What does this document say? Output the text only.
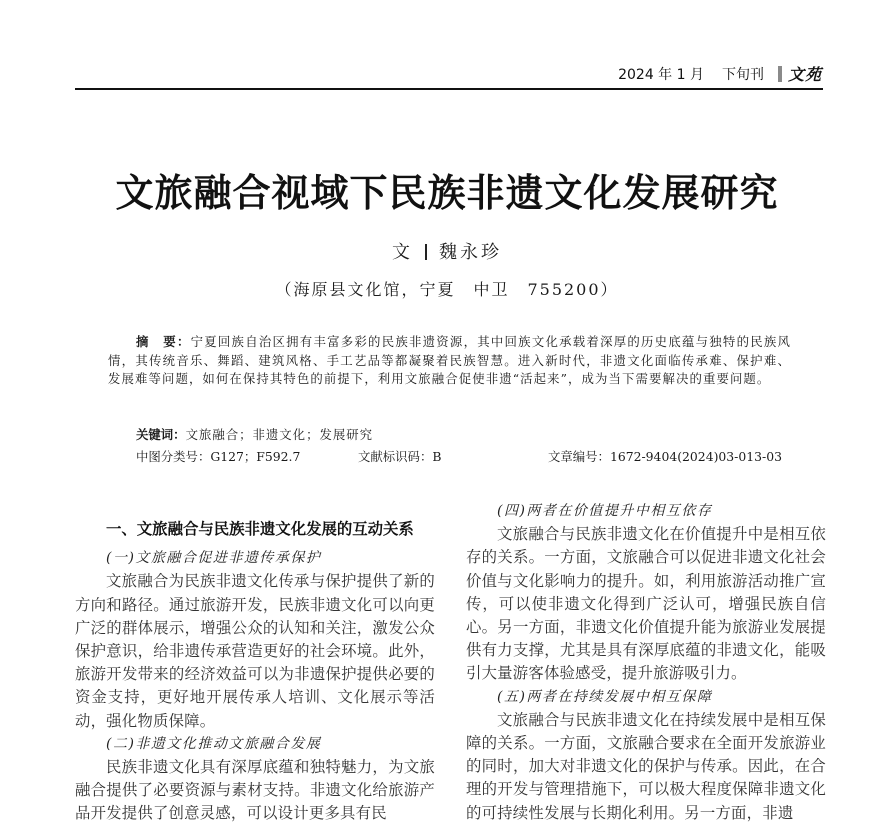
2024 年 1 月 下旬刊 文苑
文旅融合视域下民族非遗文化发展研究
文 魏永珍
（海原县文化馆，宁夏　中卫　755200）
摘　要：宁夏回族自治区拥有丰富多彩的民族非遗资源，其中回族文化承载着深厚的历史底蕴与独特的民族风情，其传统音乐、舞蹈、建筑风格、手工艺品等都凝聚着民族智慧。进入新时代，非遗文化面临传承难、保护难、发展难等问题，如何在保持其特色的前提下，利用文旅融合促使非遗“活起来”，成为当下需要解决的重要问题。
关键词：文旅融合；非遗文化；发展研究
中图分类号：G127；F592.7	文献标识码：B	文章编号：1672-9404(2024)03-013-03
一、文旅融合与民族非遗文化发展的互动关系
(一)文旅融合促进非遗传承保护

文旅融合为民族非遗文化传承与保护提供了新的方向和路径。通过旅游开发，民族非遗文化可以向更广泛的群体展示，增强公众的认知和关注，激发公众保护意识，给非遗传承营造更好的社会环境。此外，旅游开发带来的经济效益可以为非遗保护提供必要的资金支持，更好地开展传承人培训、文化展示等活动，强化物质保障。

(二)非遗文化推动文旅融合发展

民族非遗文化具有深厚底蕴和独特魅力，为文旅融合提供了必要资源与素材支持。非遗文化给旅游产品开发提供了创意灵感，可以设计更多具有民

(四)两者在价值提升中相互依存

文旅融合与民族非遗文化在价值提升中是相互依存的关系。一方面，文旅融合可以促进非遗文化社会价值与文化影响力的提升。如，利用旅游活动推广宣传，可以使非遗文化得到广泛认可，增强民族自信心。另一方面，非遗文化价值提升能为旅游业发展提供有力支撑，尤其是具有深厚底蕴的非遗文化，能吸引大量游客体验感受，提升旅游吸引力。

(五)两者在持续发展中相互保障

文旅融合与民族非遗文化在持续发展中是相互保障的关系。一方面，文旅融合要求在全面开发旅游业的同时，加大对非遗文化的保护与传承。因此，在合理的开发与管理措施下，可以极大程度保障非遗文化的可持续性发展与长期化利用。另一方面，非遗
